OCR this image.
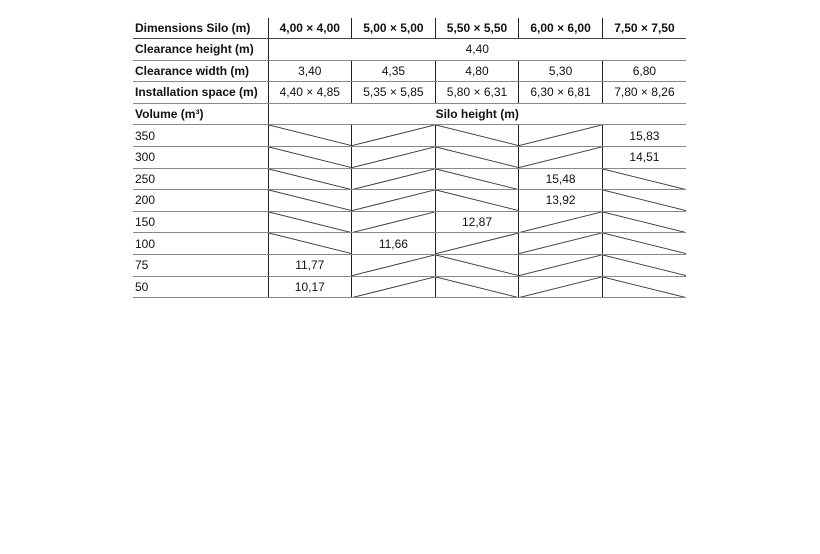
Dimensions Silo (m)	4,00 × 4,00	5,00 × 5,00	5,50 × 5,50	6,00 × 6,00	7,50 × 7,50
Clearance height (m)	4,40				
Clearance width (m)	3,40	4,35	4,80	5,30	6,80
Installation space (m)	4,40 × 4,85	5,35 × 5,85	5,80 × 6,31	6,30 × 6,81	7,80 × 8,26
Volume (m³)	Silo height (m)				
350					15,83
300					14,51
250				15,48	

200				13,92	

150			12,87	

100		11,66	

75	11,77	

50	10,17	
